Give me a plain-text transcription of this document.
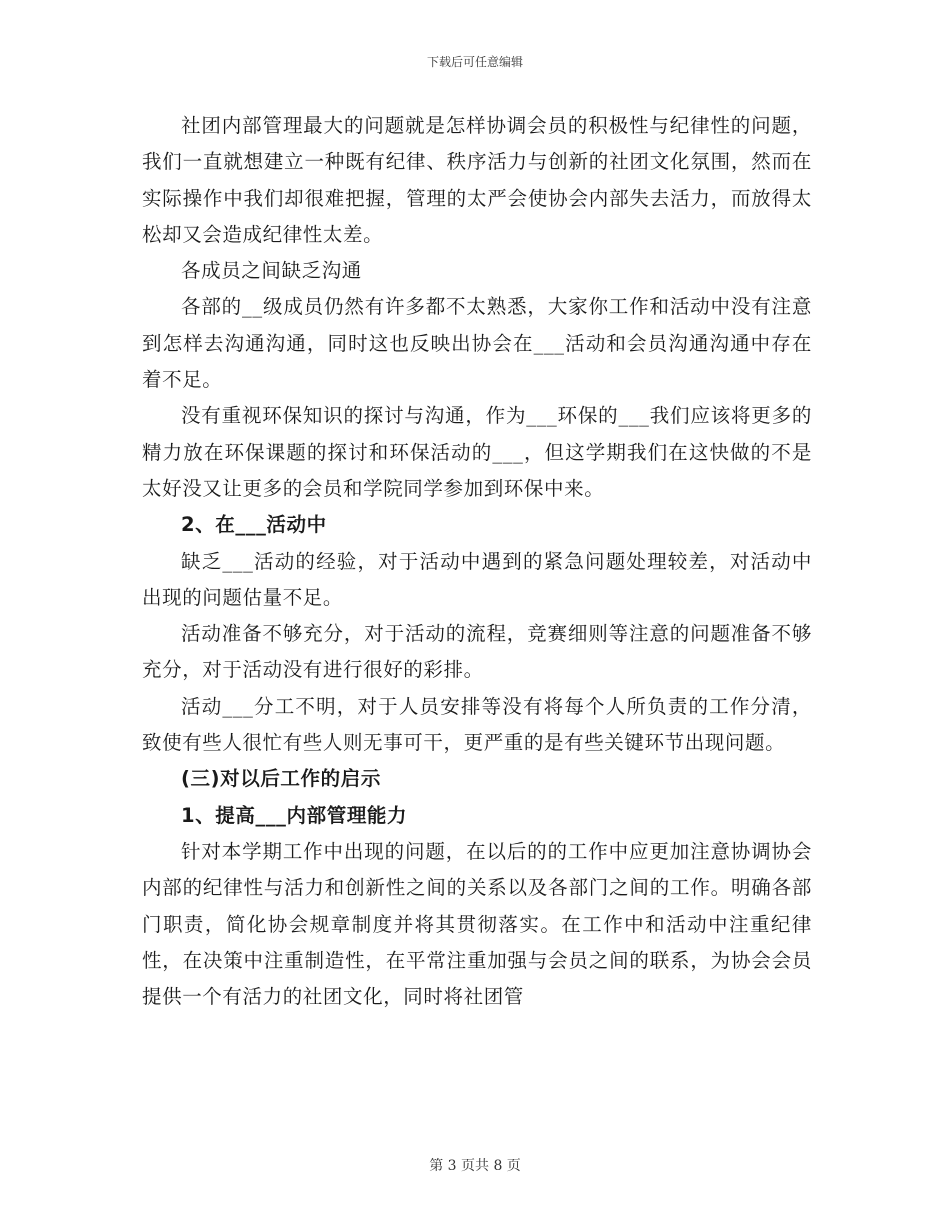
下载后可任意编辑

社团内部管理最大的问题就是怎样协调会员的积极性与纪律性的问题，我们一直就想建立一种既有纪律、秩序活力与创新的社团文化氛围，然而在实际操作中我们却很难把握，管理的太严会使协会内部失去活力，而放得太松却又会造成纪律性太差。

各成员之间缺乏沟通

各部的__级成员仍然有许多都不太熟悉，大家你工作和活动中没有注意到怎样去沟通沟通，同时这也反映出协会在___活动和会员沟通沟通中存在着不足。

没有重视环保知识的探讨与沟通，作为___环保的___我们应该将更多的精力放在环保课题的探讨和环保活动的___，但这学期我们在这快做的不是太好没又让更多的会员和学院同学参加到环保中来。

2、在___活动中

缺乏___活动的经验，对于活动中遇到的紧急问题处理较差，对活动中出现的问题估量不足。

活动准备不够充分，对于活动的流程，竞赛细则等注意的问题准备不够充分，对于活动没有进行很好的彩排。

活动___分工不明，对于人员安排等没有将每个人所负责的工作分清，致使有些人很忙有些人则无事可干，更严重的是有些关键环节出现问题。

(三)对以后工作的启示

1、提高___内部管理能力

针对本学期工作中出现的问题，在以后的的工作中应更加注意协调协会内部的纪律性与活力和创新性之间的关系以及各部门之间的工作。明确各部门职责，简化协会规章制度并将其贯彻落实。在工作中和活动中注重纪律性，在决策中注重制造性，在平常注重加强与会员之间的联系，为协会会员提供一个有活力的社团文化，同时将社团管

第 3 页共 8 页
